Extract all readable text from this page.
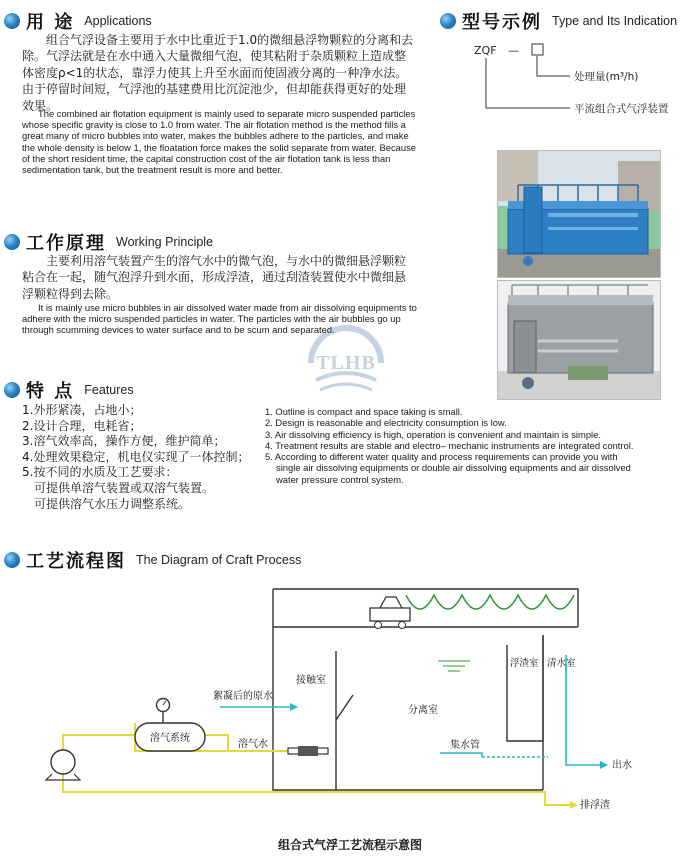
用 途 Applications

组合气浮设备主要用于水中比重近于1.0的微细悬浮物颗粒的分离和去除。气浮法就是在水中通入大量微细气泡，使其粘附于杂质颗粒上造成整体密度ρ<1的状态，靠浮力使其上升至水面而使固液分离的一种净水法。由于停留时间短，气浮池的基建费用比沉淀池少，但却能获得更好的处理效果。

The combined air flotation equipment is mainly used to separate micro suspended particles whose specific gravity is close to 1.0 from water. The air flotation method is the method fills a great many of micro bubbles into water, makes the bubbles adhere to the particles, and make the whole density is below 1, the floatation force makes the solid separate from water. Because of the short resident time, the capital construction cost of the air flotation tank is less than sedimentation tank, but the treatment result is more and better.

型号示例 Type and Its Indication
ZQF —
处理量(m³/h)
平流组合式气浮装置
工作原理 Working Principle

主要利用溶气装置产生的溶气水中的微气泡，与水中的微细悬浮颗粒粘合在一起，随气泡浮升到水面，形成浮渣，通过刮渣装置使水中微细悬浮颗粒得到去除。

It is mainly use micro bubbles in air dissolved water made from air dissolving equipments to adhere with the micro suspended particles in water. The particles with the air bubbles go up through scumming devices to water surface and to be scum and separated.

TLHB
特 点 Features
1.外形紧凑，占地小；
2.设计合理，电耗省；
3.溶气效率高，操作方便，维护简单；
4.处理效果稳定，机电仪实现了一体控制；
5.按不同的水质及工艺要求：
可提供单溶气装置或双溶气装置。
可提供溶气水压力调整系统。
1. Outline is compact and space taking is small.
2. Design is reasonable and electricity consumption is low.
3. Air dissolving efficiency is high, operation is convenient and maintain is simple.
4. Treatment results are stable and electro– mechanic instruments are integrated control.
5. According to different water quality and process requirements can provide you with single air dissolving equipments or double air dissolving equipments and air dissolved water pressure control system.
工艺流程图 The Diagram of Craft Process
絮凝后的原水
接触室
分离室
浮渣室 清水室
溶气系统
溶气水	集水管
出水
排浮渣
组合式气浮工艺流程示意图
